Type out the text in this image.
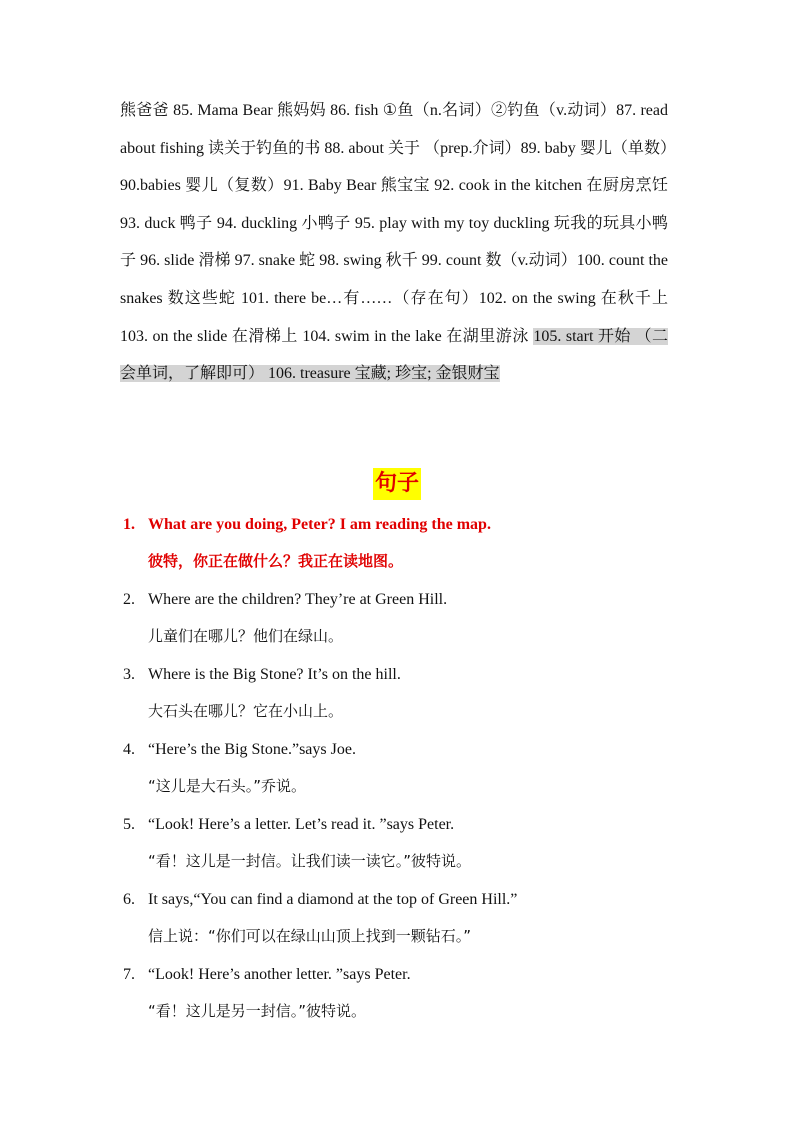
熊爸爸 85. Mama Bear 熊妈妈 86. fish ①鱼（n.名词）②钓鱼（v.动词）87. read about fishing 读关于钓鱼的书 88. about 关于 （prep.介词）89. baby 婴儿（单数）90.babies 婴儿（复数）91. Baby Bear 熊宝宝 92. cook in the kitchen 在厨房烹饪 93. duck 鸭子 94. duckling 小鸭子 95. play with my toy duckling 玩我的玩具小鸭子 96. slide 滑梯 97. snake 蛇 98. swing 秋千 99. count 数（v.动词）100. count the snakes 数这些蛇 101. there be…有……（存在句）102. on the swing 在秋千上 103. on the slide 在滑梯上 104. swim in the lake 在湖里游泳 105. start 开始 （二会单词，了解即可） 106. treasure 宝藏; 珍宝; 金银财宝
句子
1. What are you doing, Peter? I am reading the map.
彼特，你正在做什么？我正在读地图。
2. Where are the children? They’re at Green Hill.
儿童们在哪儿？他们在绿山。
3. Where is the Big Stone? It’s on the hill.
大石头在哪儿？它在小山上。
4. “Here’s the Big Stone.”says Joe.
“这儿是大石头。”乔说。
5. “Look! Here’s a letter. Let’s read it. ”says Peter.
“看！这儿是一封信。让我们读一读它。”彼特说。
6. It says,“You can find a diamond at the top of Green Hill.”
信上说：“你们可以在绿山山顶上找到一颗钻石。”
7. “Look! Here’s another letter. ”says Peter.
“看！这儿是另一封信。”彼特说。
